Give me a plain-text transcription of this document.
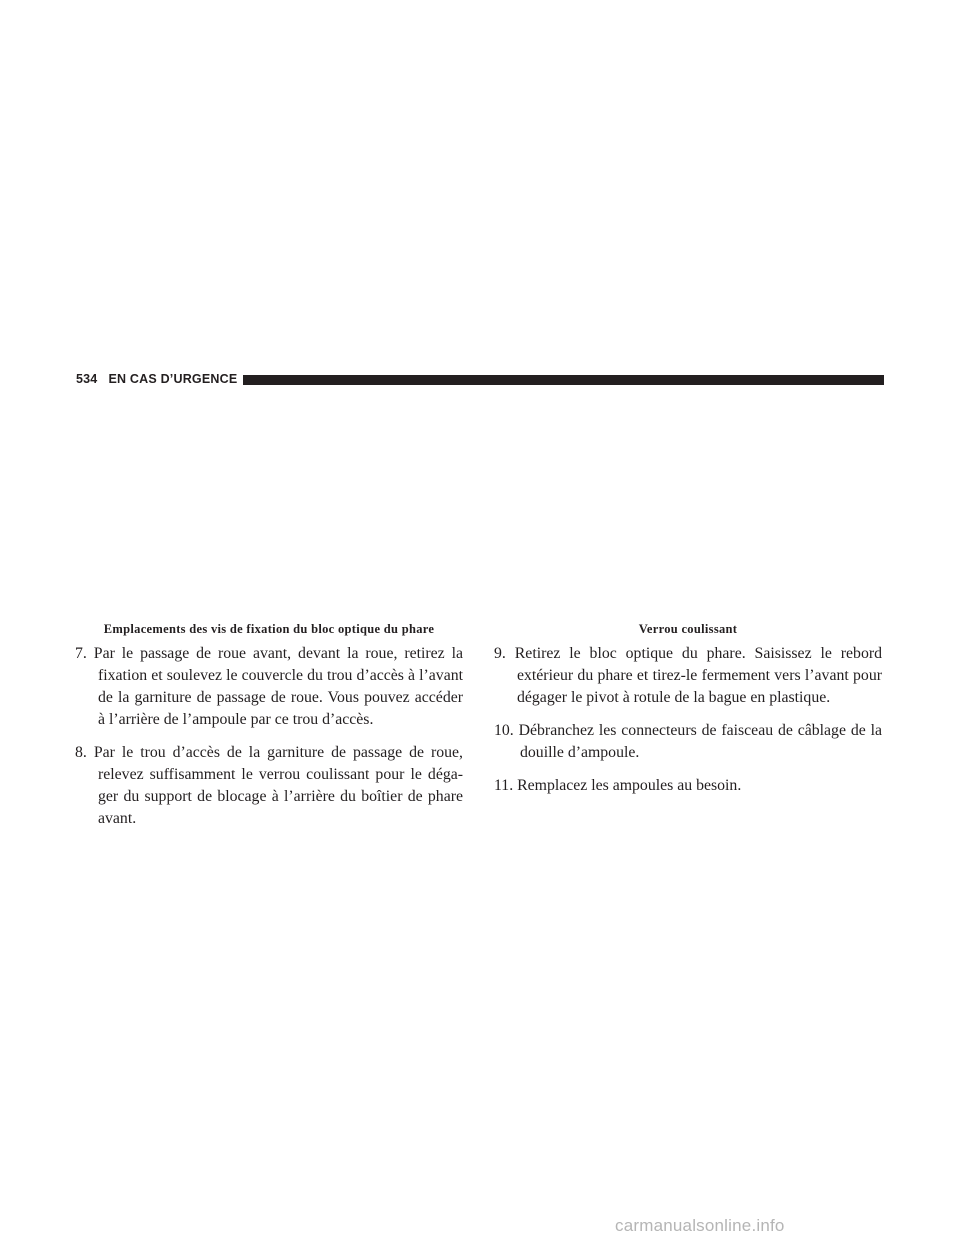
534 EN CAS D’URGENCE
Emplacements des vis de fixation du bloc optique du phare
7. Par le passage de roue avant, devant la roue, retirez la fixation et soulevez le couvercle du trou d’accès à l’avant de la garniture de passage de roue. Vous pouvez accéder à l’arrière de l’ampoule par ce trou d’accès.
8. Par le trou d’accès de la garniture de passage de roue, relevez suffisamment le verrou coulissant pour le déga- ger du support de blocage à l’arrière du boîtier de phare avant.
Verrou coulissant
9. Retirez le bloc optique du phare. Saisissez le rebord extérieur du phare et tirez-le fermement vers l’avant pour dégager le pivot à rotule de la bague en plastique.
10. Débranchez les connecteurs de faisceau de câblage de la douille d’ampoule.
11. Remplacez les ampoules au besoin.
carmanualsonline.info
